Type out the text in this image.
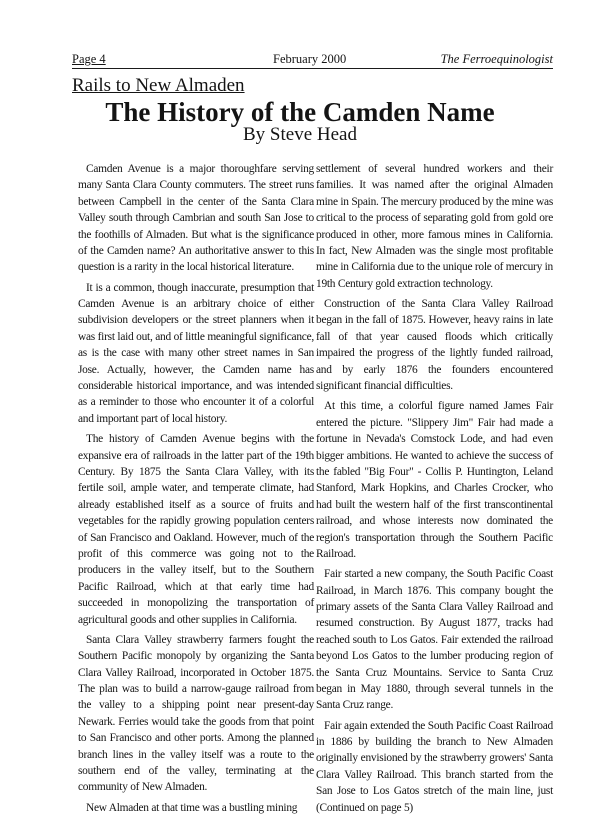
Page 4	February 2000	The Ferroequinologist
Rails to New Almaden
The History of the Camden Name
By Steve Head

Camden Avenue is a major thoroughfare serving many Santa Clara County commuters. The street runs between Campbell in the center of the Santa Clara Valley south through Cambrian and south San Jose to the foothills of Almaden. But what is the significance of the Camden name? An authoritative answer to this question is a rarity in the local historical literature.

It is a common, though inaccurate, presumption that Camden Avenue is an arbitrary choice of either subdivision developers or the street planners when it was first laid out, and of little meaningful significance, as is the case with many other street names in San Jose. Actually, however, the Camden name has considerable historical importance, and was intended as a reminder to those who encounter it of a colorful and important part of local history.

The history of Camden Avenue begins with the expansive era of railroads in the latter part of the 19th Century. By 1875 the Santa Clara Valley, with its fertile soil, ample water, and temperate climate, had already established itself as a source of fruits and vegetables for the rapidly growing population centers of San Francisco and Oakland. However, much of the profit of this commerce was going not to the producers in the valley itself, but to the Southern Pacific Railroad, which at that early time had succeeded in monopolizing the transportation of agricultural goods and other supplies in California.

Santa Clara Valley strawberry farmers fought the Southern Pacific monopoly by organizing the Santa Clara Valley Railroad, incorporated in October 1875. The plan was to build a narrow-gauge railroad from the valley to a shipping point near present-day Newark. Ferries would take the goods from that point to San Francisco and other ports. Among the planned branch lines in the valley itself was a route to the southern end of the valley, terminating at the community of New Almaden.

New Almaden at that time was a bustling mining

settlement of several hundred workers and their families. It was named after the original Almaden mine in Spain. The mercury produced by the mine was critical to the process of separating gold from gold ore produced in other, more famous mines in California. In fact, New Almaden was the single most profitable mine in California due to the unique role of mercury in 19th Century gold extraction technology.

Construction of the Santa Clara Valley Railroad began in the fall of 1875. However, heavy rains in late fall of that year caused floods which critically impaired the progress of the lightly funded railroad, and by early 1876 the founders encountered significant financial difficulties.

At this time, a colorful figure named James Fair entered the picture. "Slippery Jim" Fair had made a fortune in Nevada's Comstock Lode, and had even bigger ambitions. He wanted to achieve the success of the fabled "Big Four" - Collis P. Huntington, Leland Stanford, Mark Hopkins, and Charles Crocker, who had built the western half of the first transcontinental railroad, and whose interests now dominated the region's transportation through the Southern Pacific Railroad.

Fair started a new company, the South Pacific Coast Railroad, in March 1876. This company bought the primary assets of the Santa Clara Valley Railroad and resumed construction. By August 1877, tracks had reached south to Los Gatos. Fair extended the railroad beyond Los Gatos to the lumber producing region of the Santa Cruz Mountains. Service to Santa Cruz began in May 1880, through several tunnels in the Santa Cruz range.

Fair again extended the South Pacific Coast Railroad in 1886 by building the branch to New Almaden originally envisioned by the strawberry growers' Santa Clara Valley Railroad. This branch started from the San Jose to Los Gatos stretch of the main line, just (Continued on page 5)
